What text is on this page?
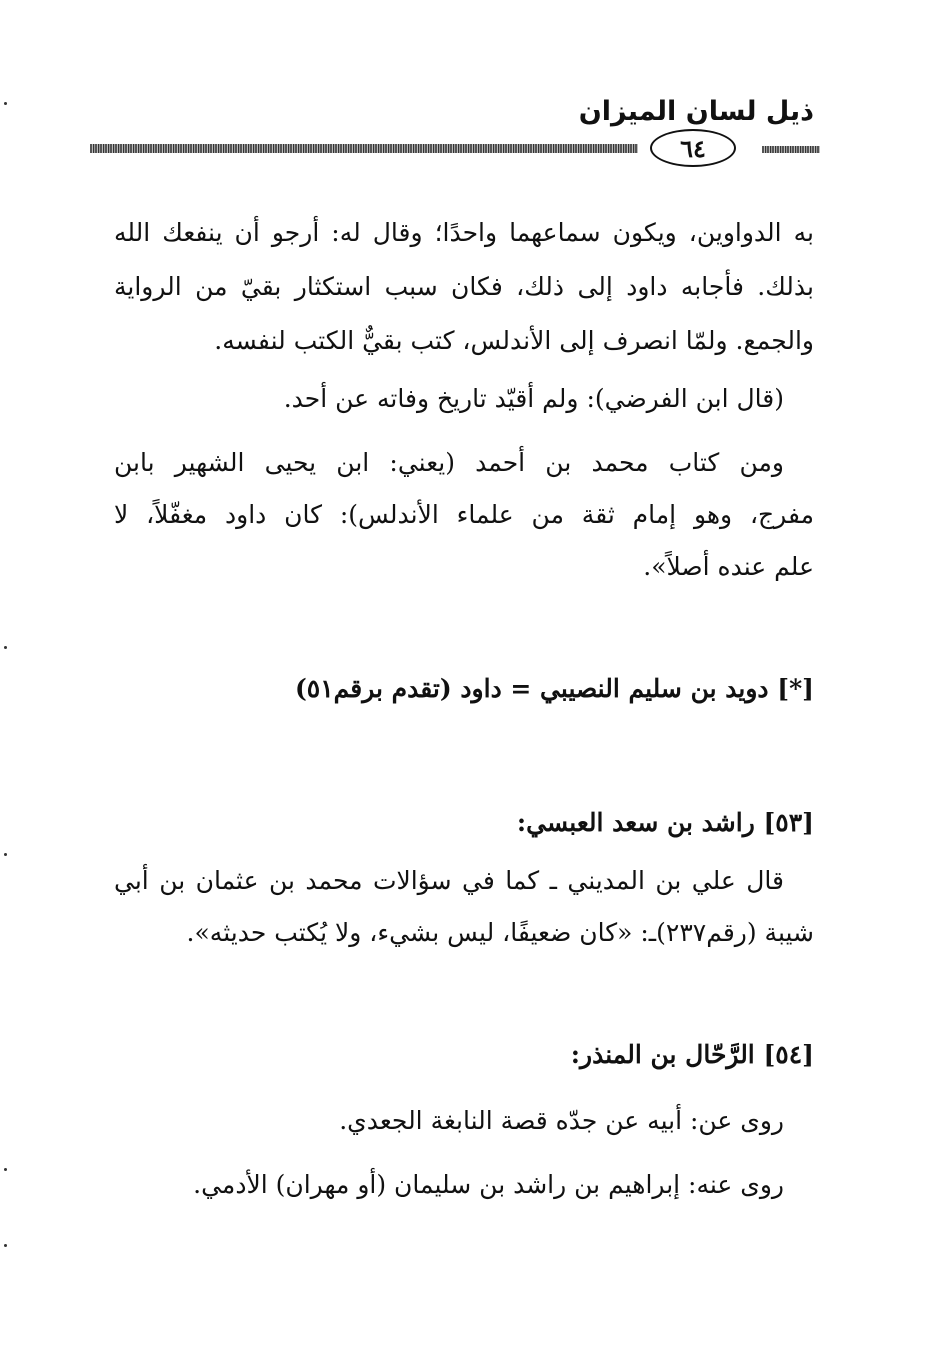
ذيل لسان الميزان
٦٤
به الدواوين، ويكون سماعهما واحدًا؛ وقال له: أرجو أن ينفعك الله
بذلك. فأجابه داود إلى ذلك، فكان سبب استكثار بقيّ من الرواية
والجمع. ولمّا انصرف إلى الأندلس، كتب بقيٌّ الكتب لنفسه.
(قال ابن الفرضي): ولم أقيّد تاريخ وفاته عن أحد.
ومن كتاب محمد بن أحمد (يعني: ابن يحيى الشهير بابن
مفرج، وهو إمام ثقة من علماء الأندلس): كان داود مغفّلاً، لا
علم عنده أصلاً».
[*] دويد بن سليم النصيبي = داود (تقدم برقم٥١)
[٥٣] راشد بن سعد العبسي:
قال علي بن المديني ـ كما في سؤالات محمد بن عثمان بن أبي
شيبة (رقم٢٣٧)ـ: «كان ضعيفًا، ليس بشيء، ولا يُكتب حديثه».
[٥٤] الرَّحّال بن المنذر:
روى عن: أبيه عن جدّه قصة النابغة الجعدي.
روى عنه: إبراهيم بن راشد بن سليمان (أو مهران) الأدمي.
